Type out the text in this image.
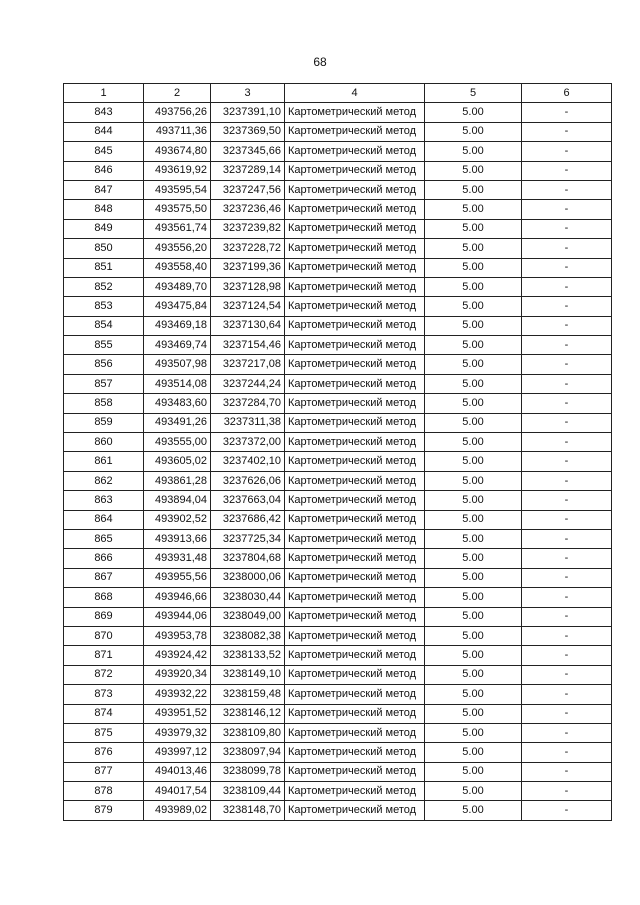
68
1	2	3	4	5	6
843	493756,26	3237391,10	Картометрический метод	5.00	-
844	493711,36	3237369,50	Картометрический метод	5.00	-
845	493674,80	3237345,66	Картометрический метод	5.00	-
846	493619,92	3237289,14	Картометрический метод	5.00	-
847	493595,54	3237247,56	Картометрический метод	5.00	-
848	493575,50	3237236,46	Картометрический метод	5.00	-
849	493561,74	3237239,82	Картометрический метод	5.00	-
850	493556,20	3237228,72	Картометрический метод	5.00	-
851	493558,40	3237199,36	Картометрический метод	5.00	-
852	493489,70	3237128,98	Картометрический метод	5.00	-
853	493475,84	3237124,54	Картометрический метод	5.00	-
854	493469,18	3237130,64	Картометрический метод	5.00	-
855	493469,74	3237154,46	Картометрический метод	5.00	-
856	493507,98	3237217,08	Картометрический метод	5.00	-
857	493514,08	3237244,24	Картометрический метод	5.00	-
858	493483,60	3237284,70	Картометрический метод	5.00	-
859	493491,26	3237311,38	Картометрический метод	5.00	-
860	493555,00	3237372,00	Картометрический метод	5.00	-
861	493605,02	3237402,10	Картометрический метод	5.00	-
862	493861,28	3237626,06	Картометрический метод	5.00	-
863	493894,04	3237663,04	Картометрический метод	5.00	-
864	493902,52	3237686,42	Картометрический метод	5.00	-
865	493913,66	3237725,34	Картометрический метод	5.00	-
866	493931,48	3237804,68	Картометрический метод	5.00	-
867	493955,56	3238000,06	Картометрический метод	5.00	-
868	493946,66	3238030,44	Картометрический метод	5.00	-
869	493944,06	3238049,00	Картометрический метод	5.00	-
870	493953,78	3238082,38	Картометрический метод	5.00	-
871	493924,42	3238133,52	Картометрический метод	5.00	-
872	493920,34	3238149,10	Картометрический метод	5.00	-
873	493932,22	3238159,48	Картометрический метод	5.00	-
874	493951,52	3238146,12	Картометрический метод	5.00	-
875	493979,32	3238109,80	Картометрический метод	5.00	-
876	493997,12	3238097,94	Картометрический метод	5.00	-
877	494013,46	3238099,78	Картометрический метод	5.00	-
878	494017,54	3238109,44	Картометрический метод	5.00	-
879	493989,02	3238148,70	Картометрический метод	5.00	-
